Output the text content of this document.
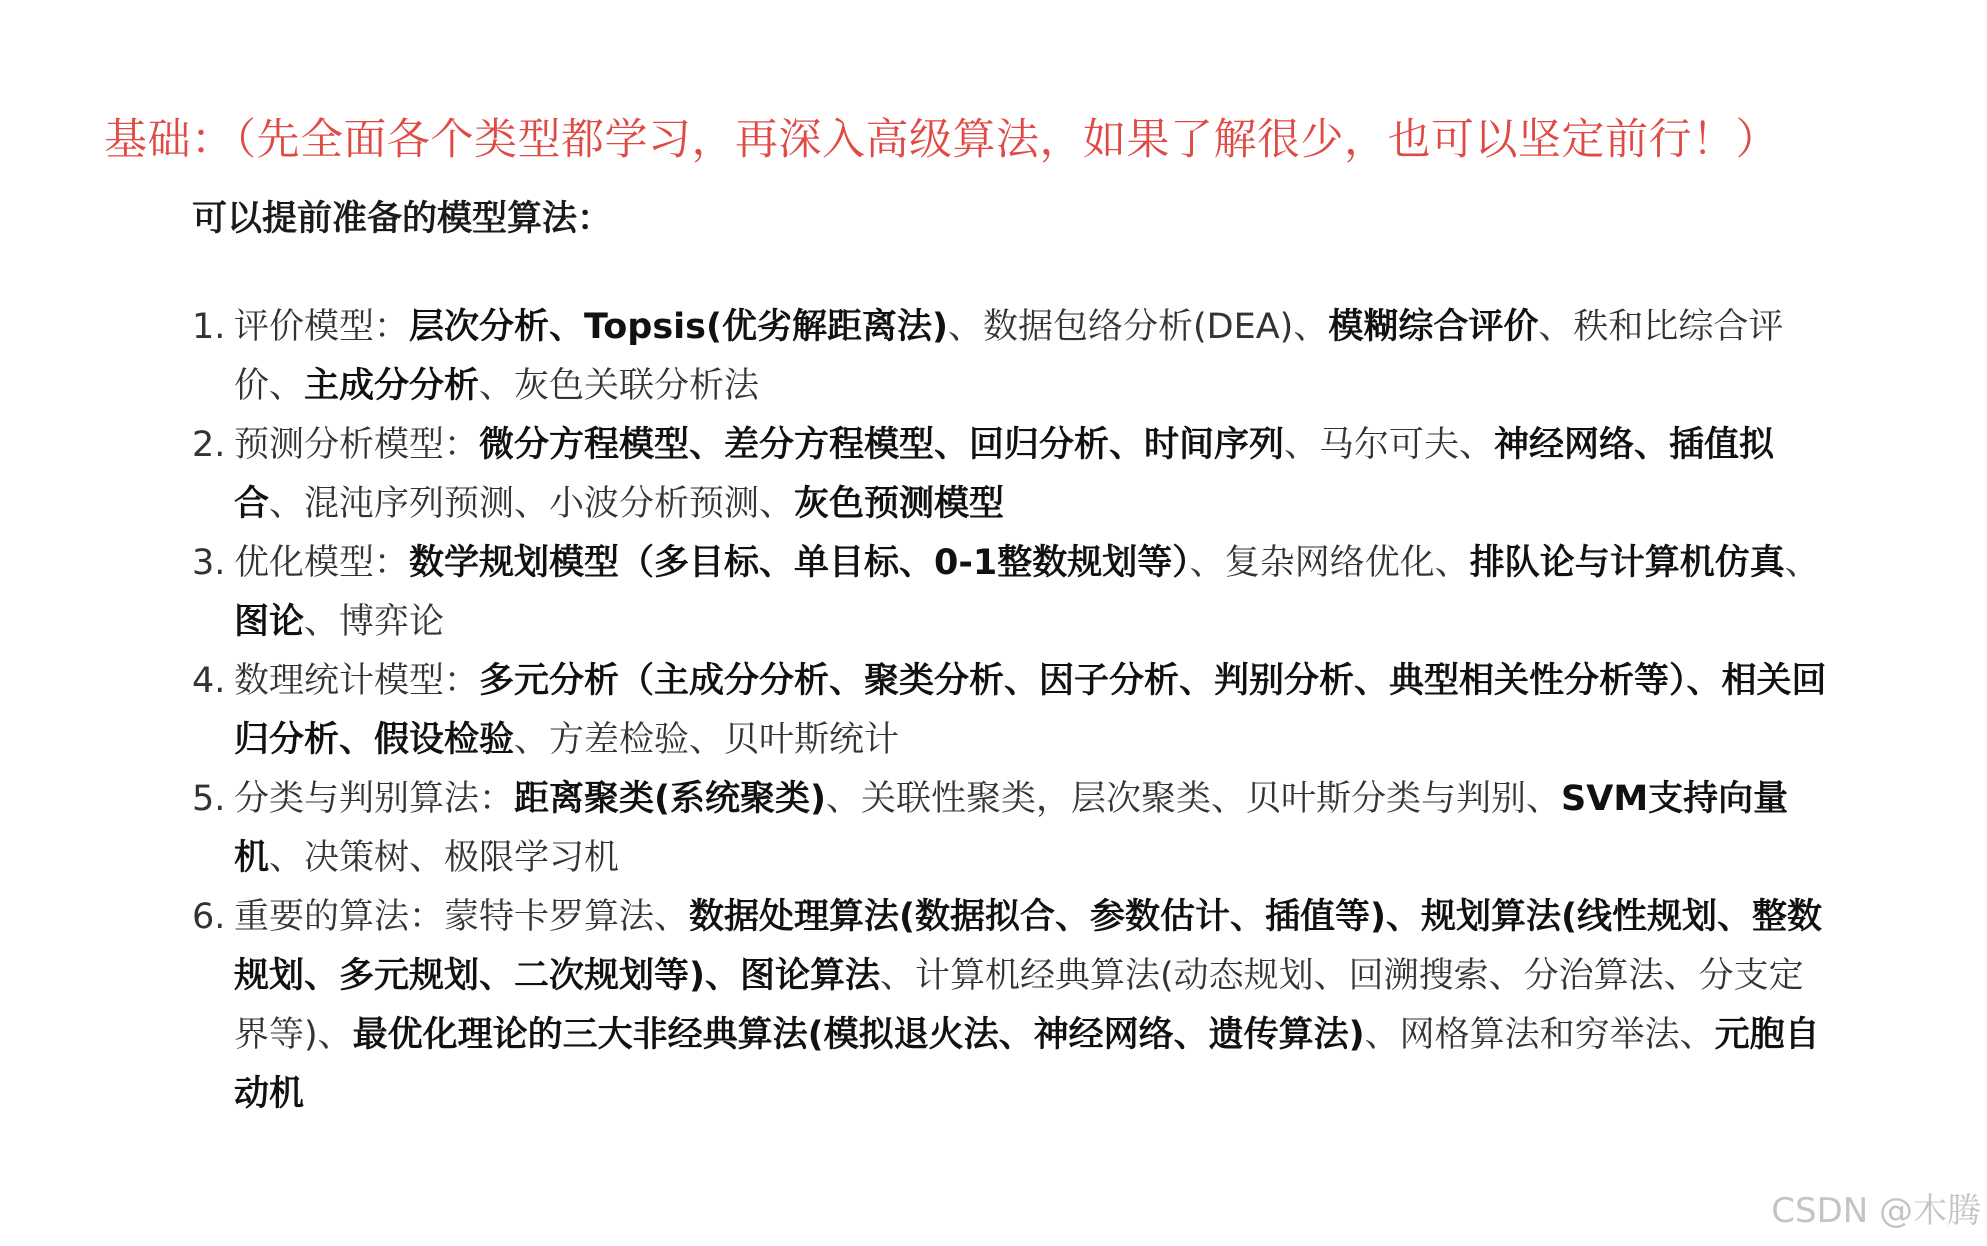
基础：（先全面各个类型都学习，再深入高级算法，如果了解很少，也可以坚定前行！）
可以提前准备的模型算法：
1. 评价模型：层次分析、Topsis(优劣解距离法)、数据包络分析(DEA)、模糊综合评价、秩和比综合评价、主成分分析、灰色关联分析法
2. 预测分析模型：微分方程模型、差分方程模型、回归分析、时间序列、马尔可夫、神经网络、插值拟合、混沌序列预测、小波分析预测、灰色预测模型
3. 优化模型：数学规划模型（多目标、单目标、0-1整数规划等）、复杂网络优化、排队论与计算机仿真、图论、博弈论
4. 数理统计模型：多元分析（主成分分析、聚类分析、因子分析、判别分析、典型相关性分析等）、相关回归分析、假设检验、方差检验、贝叶斯统计
5. 分类与判别算法：距离聚类(系统聚类)、关联性聚类，层次聚类、贝叶斯分类与判别、SVM支持向量机、决策树、极限学习机
6. 重要的算法：蒙特卡罗算法、数据处理算法(数据拟合、参数估计、插值等)、规划算法(线性规划、整数规划、多元规划、二次规划等)、图论算法、计算机经典算法(动态规划、回溯搜索、分治算法、分支定界等)、最优化理论的三大非经典算法(模拟退火法、神经网络、遗传算法)、网格算法和穷举法、元胞自动机
CSDN @木腾
